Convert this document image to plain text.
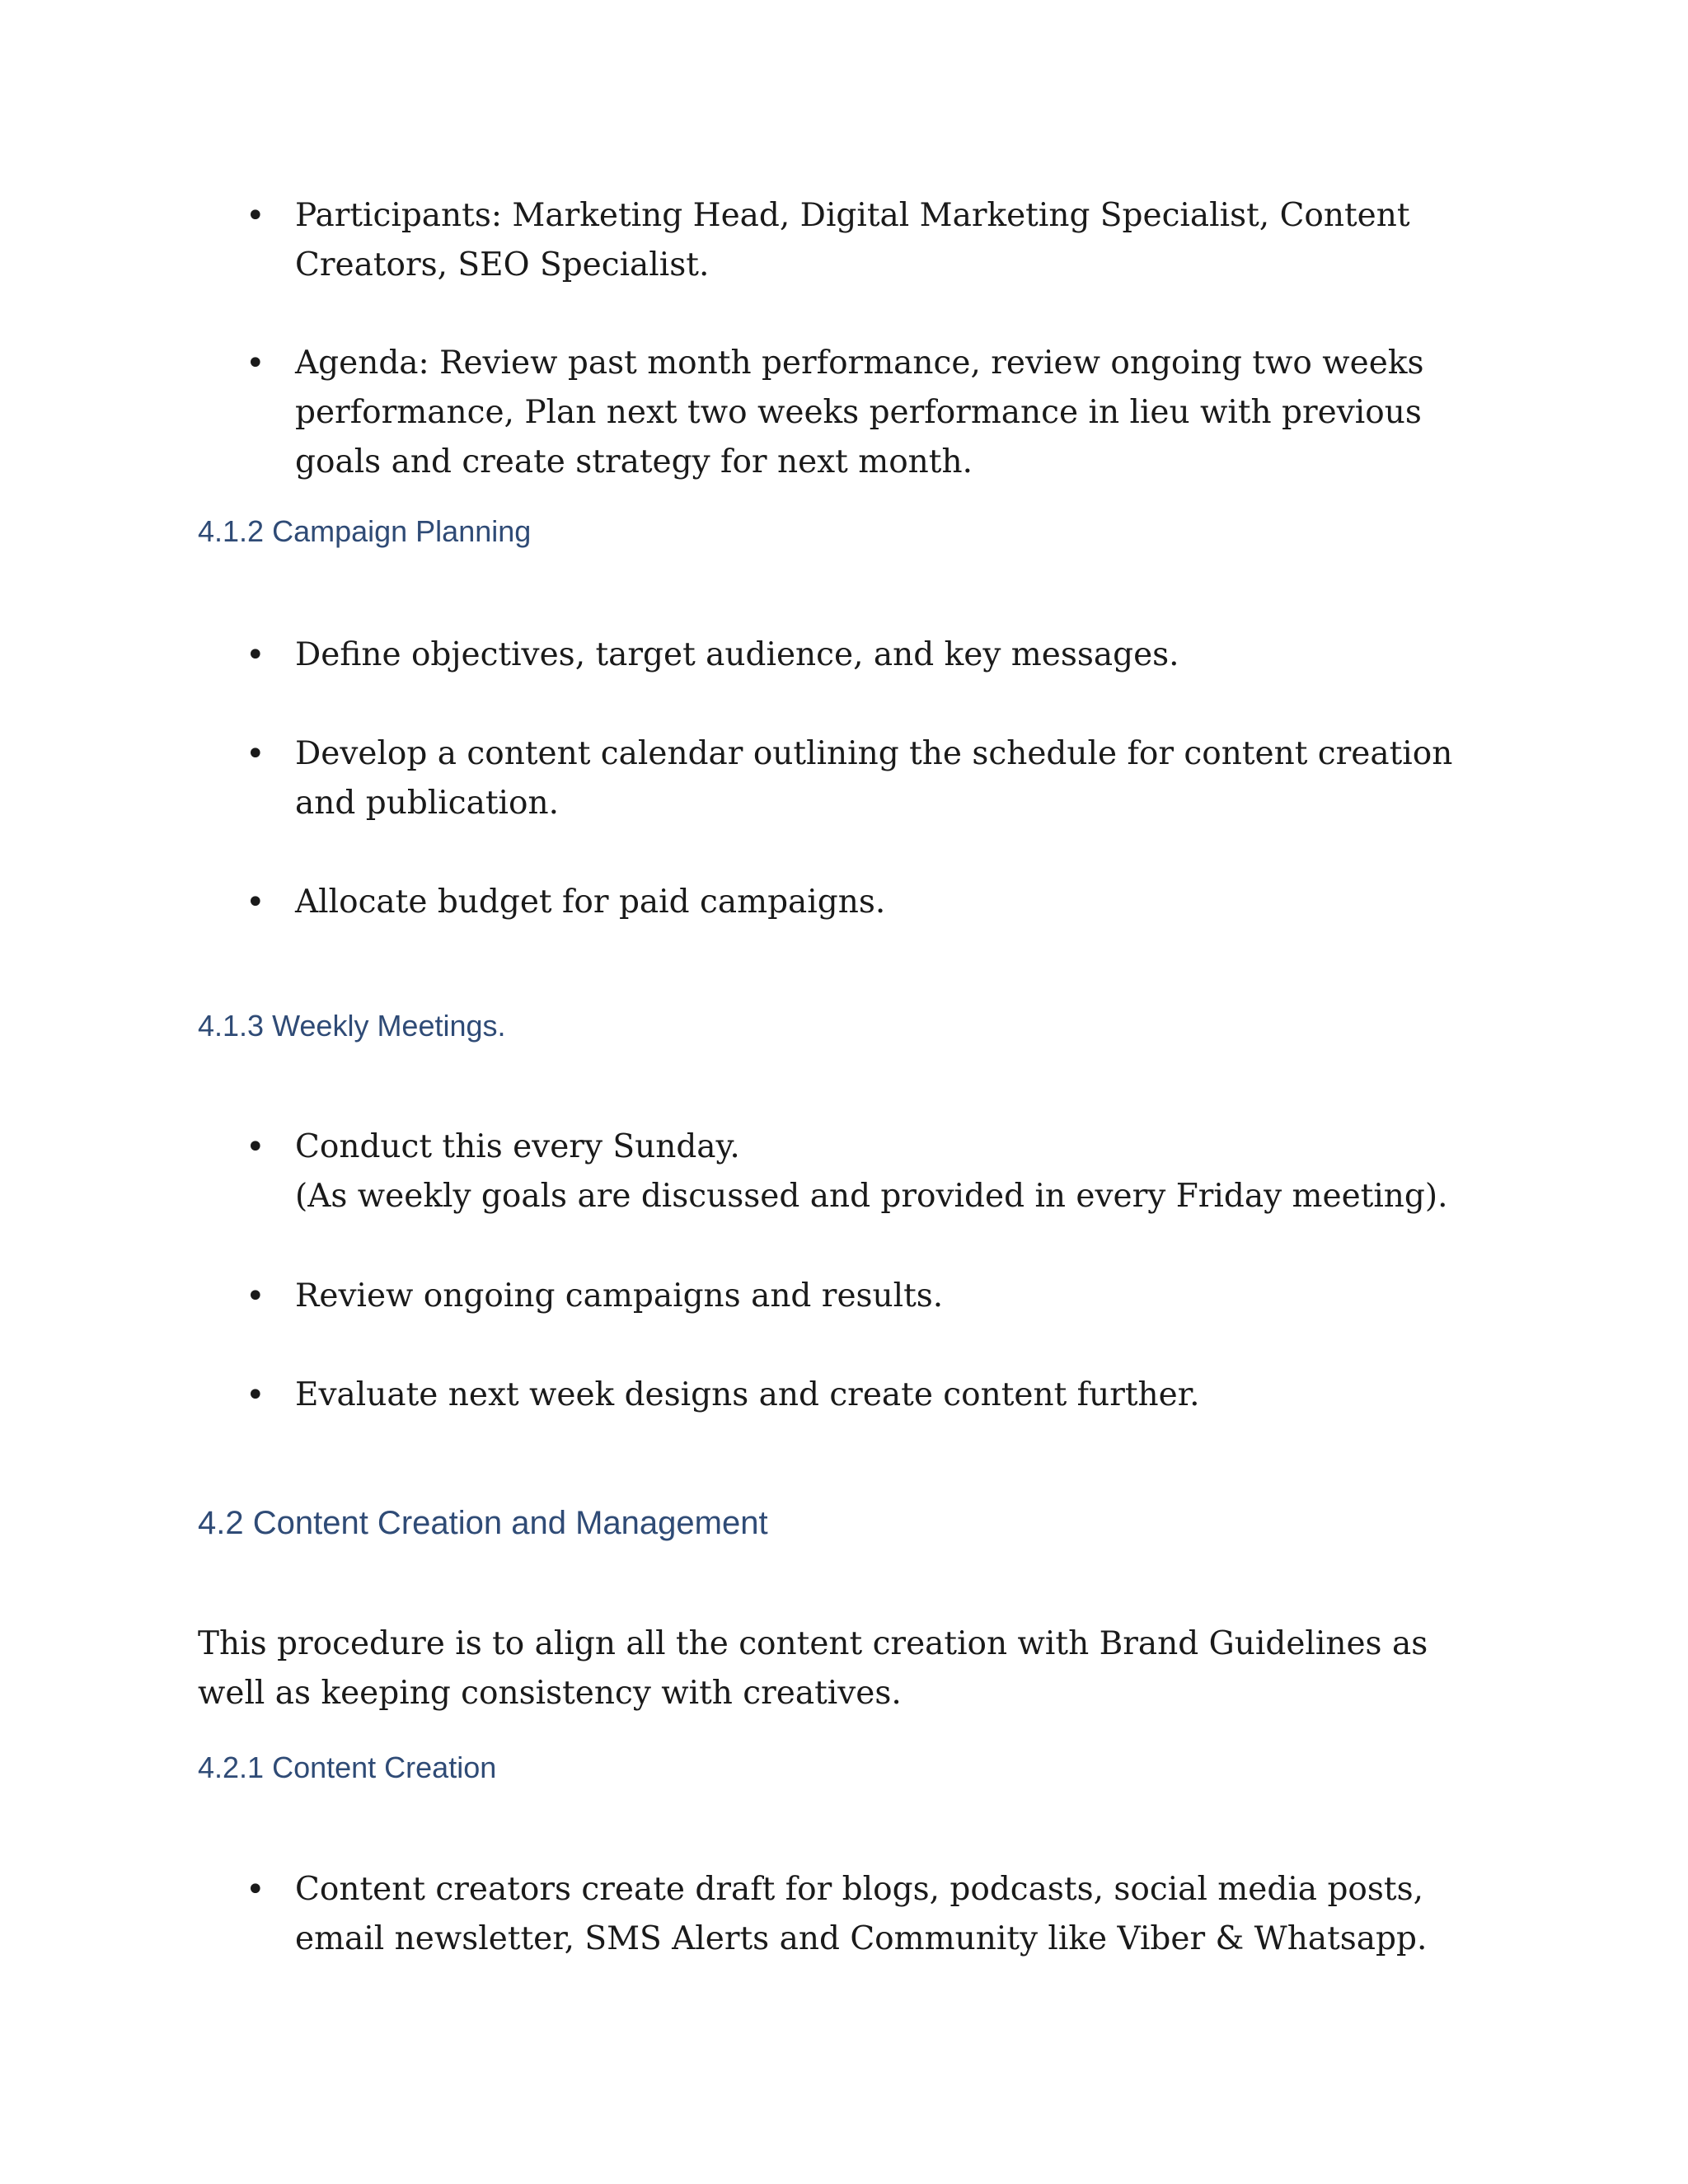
• Participants: Marketing Head, Digital Marketing Specialist, Content Creators, SEO Specialist.
• Agenda: Review past month performance, review ongoing two weeks performance, Plan next two weeks performance in lieu with previous goals and create strategy for next month.
4.1.2 Campaign Planning
• Define objectives, target audience, and key messages.
• Develop a content calendar outlining the schedule for content creation and publication.
• Allocate budget for paid campaigns.
4.1.3 Weekly Meetings.
• Conduct this every Sunday.
(As weekly goals are discussed and provided in every Friday meeting).
• Review ongoing campaigns and results.
• Evaluate next week designs and create content further.
4.2 Content Creation and Management
This procedure is to align all the content creation with Brand Guidelines as well as keeping consistency with creatives.
4.2.1 Content Creation
• Content creators create draft for blogs, podcasts, social media posts, email newsletter, SMS Alerts and Community like Viber & Whatsapp.
